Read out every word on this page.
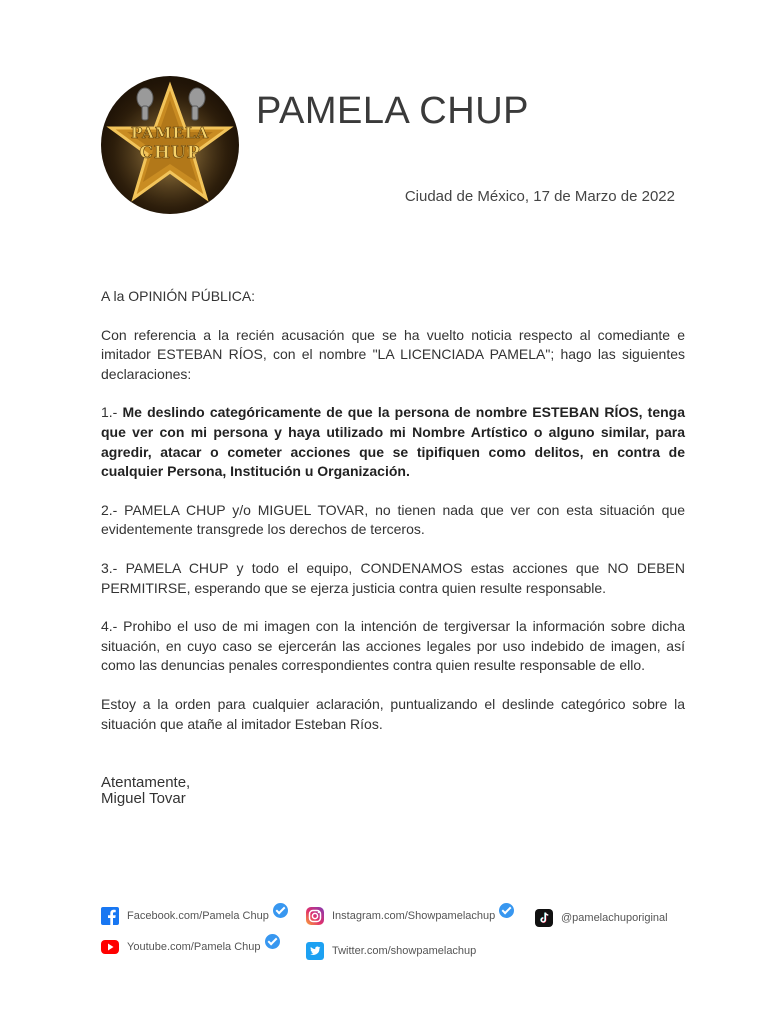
PAMELA
CHUP
PAMELA CHUP
Ciudad de México, 17 de Marzo de 2022

A la OPINIÓN PÚBLICA:

Con referencia a la recién acusación que se ha vuelto noticia respecto al comediante e imitador ESTEBAN RÍOS, con el nombre "LA LICENCIADA PAMELA"; hago las siguientes declaraciones:

1.- Me deslindo categóricamente de que la persona de nombre ESTEBAN RÍOS, tenga que ver con mi persona y haya utilizado mi Nombre Artístico o alguno similar, para agredir, atacar o cometer acciones que se tipifiquen como delitos, en contra de cualquier Persona, Institución u Organización.

2.- PAMELA CHUP y/o MIGUEL TOVAR, no tienen nada que ver con esta situación que evidentemente transgrede los derechos de terceros.

3.- PAMELA CHUP y todo el equipo, CONDENAMOS estas acciones que NO DEBEN PERMITIRSE, esperando que se ejerza justicia contra quien resulte responsable.

4.- Prohibo el uso de mi imagen con la intención de tergiversar la información sobre dicha situación, en cuyo caso se ejercerán las acciones legales por uso indebido de imagen, así como las denuncias penales correspondientes contra quien resulte responsable de ello.

Estoy a la orden para cualquier aclaración, puntualizando el deslinde categórico sobre la situación que atañe al imitador Esteban Ríos.

Atentamente,
Miguel Tovar
Facebook.com/Pamela Chup	Instagram.com/Showpamelachup	@pamelachuporiginal
Youtube.com/Pamela Chup	Twitter.com/showpamelachup
